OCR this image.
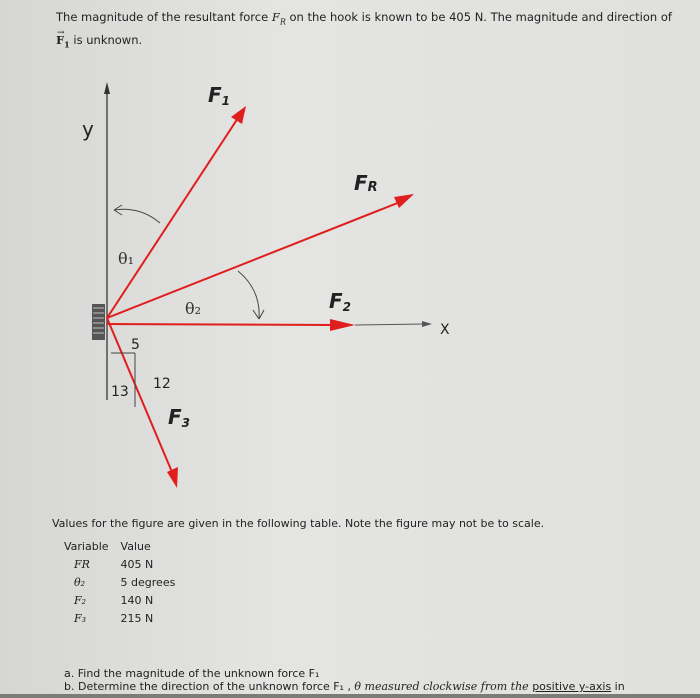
The magnitude of the resultant force $F_R$ on the hook is known to be 405 N. The magnitude and direction of
→ $F_1$ is unknown.
y
X
F1
FR
F2
F3
θ₁
θ₂
5
12
13
Values for the figure are given in the following table. Note the figure may not be to scale.
Variable	Value
FR	405 N
θ₂	5 degrees
F₂	140 N
F₃	215 N
a. Find the magnitude of the unknown force F₁
b. Determine the direction of the unknown force F₁ , θ measured clockwise from the positive y-axis in
